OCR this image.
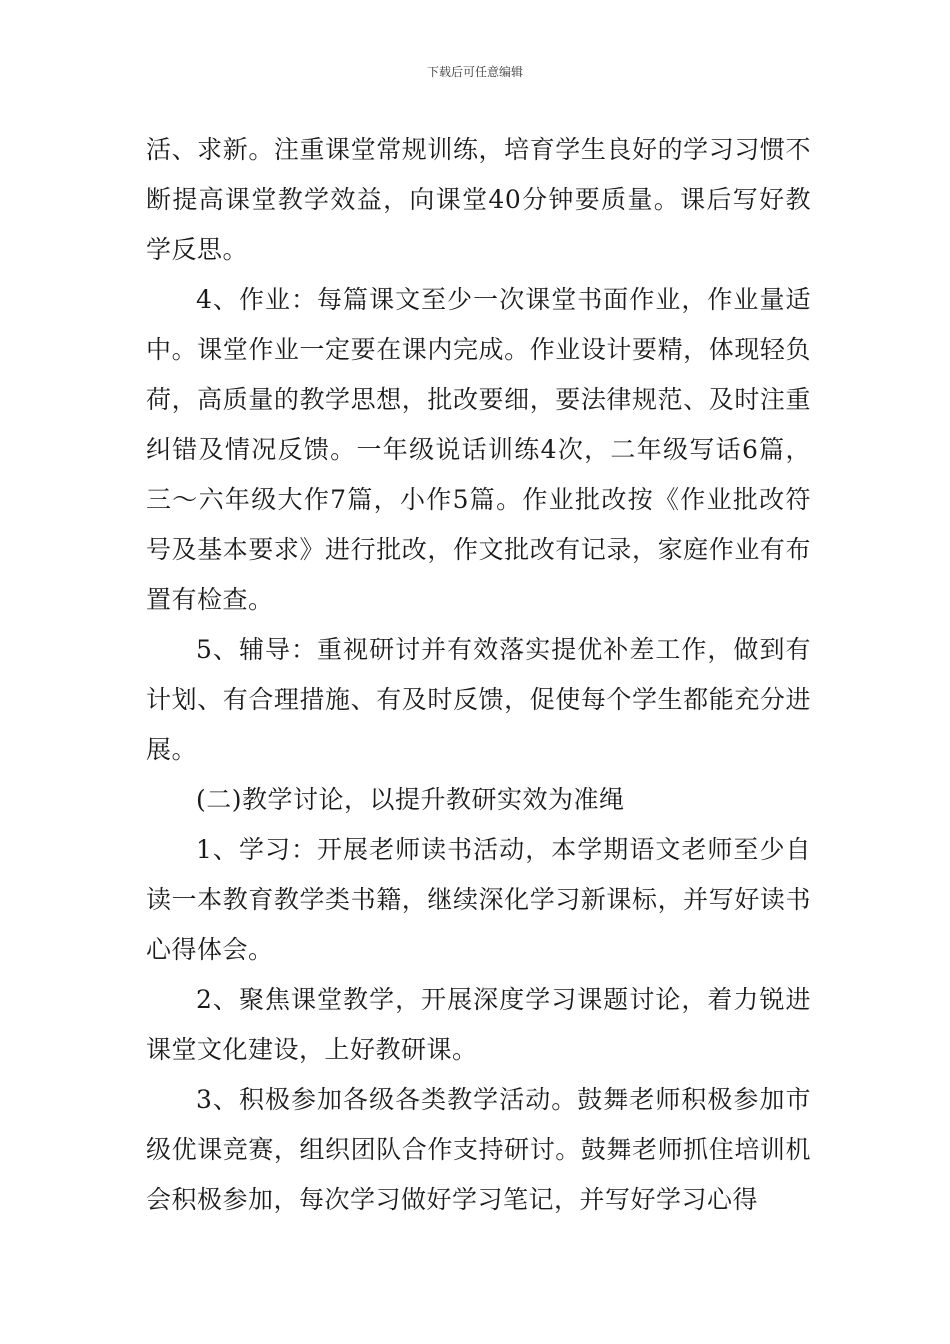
下载后可任意编辑

活、求新。注重课堂常规训练，培育学生良好的学习习惯不断提高课堂教学效益，向课堂40分钟要质量。课后写好教学反思。

4、作业：每篇课文至少一次课堂书面作业，作业量适中。课堂作业一定要在课内完成。作业设计要精，体现轻负荷，高质量的教学思想，批改要细，要法律规范、及时注重纠错及情况反馈。一年级说话训练4次，二年级写话6篇，三～六年级大作7篇，小作5篇。作业批改按《作业批改符号及基本要求》进行批改，作文批改有记录，家庭作业有布置有检查。

5、辅导：重视研讨并有效落实提优补差工作，做到有计划、有合理措施、有及时反馈，促使每个学生都能充分进展。

(二)教学讨论，以提升教研实效为准绳

1、学习：开展老师读书活动，本学期语文老师至少自读一本教育教学类书籍，继续深化学习新课标，并写好读书心得体会。

2、聚焦课堂教学，开展深度学习课题讨论，着力锐进课堂文化建设，上好教研课。

3、积极参加各级各类教学活动。鼓舞老师积极参加市级优课竞赛，组织团队合作支持研讨。鼓舞老师抓住培训机会积极参加，每次学习做好学习笔记，并写好学习心得
